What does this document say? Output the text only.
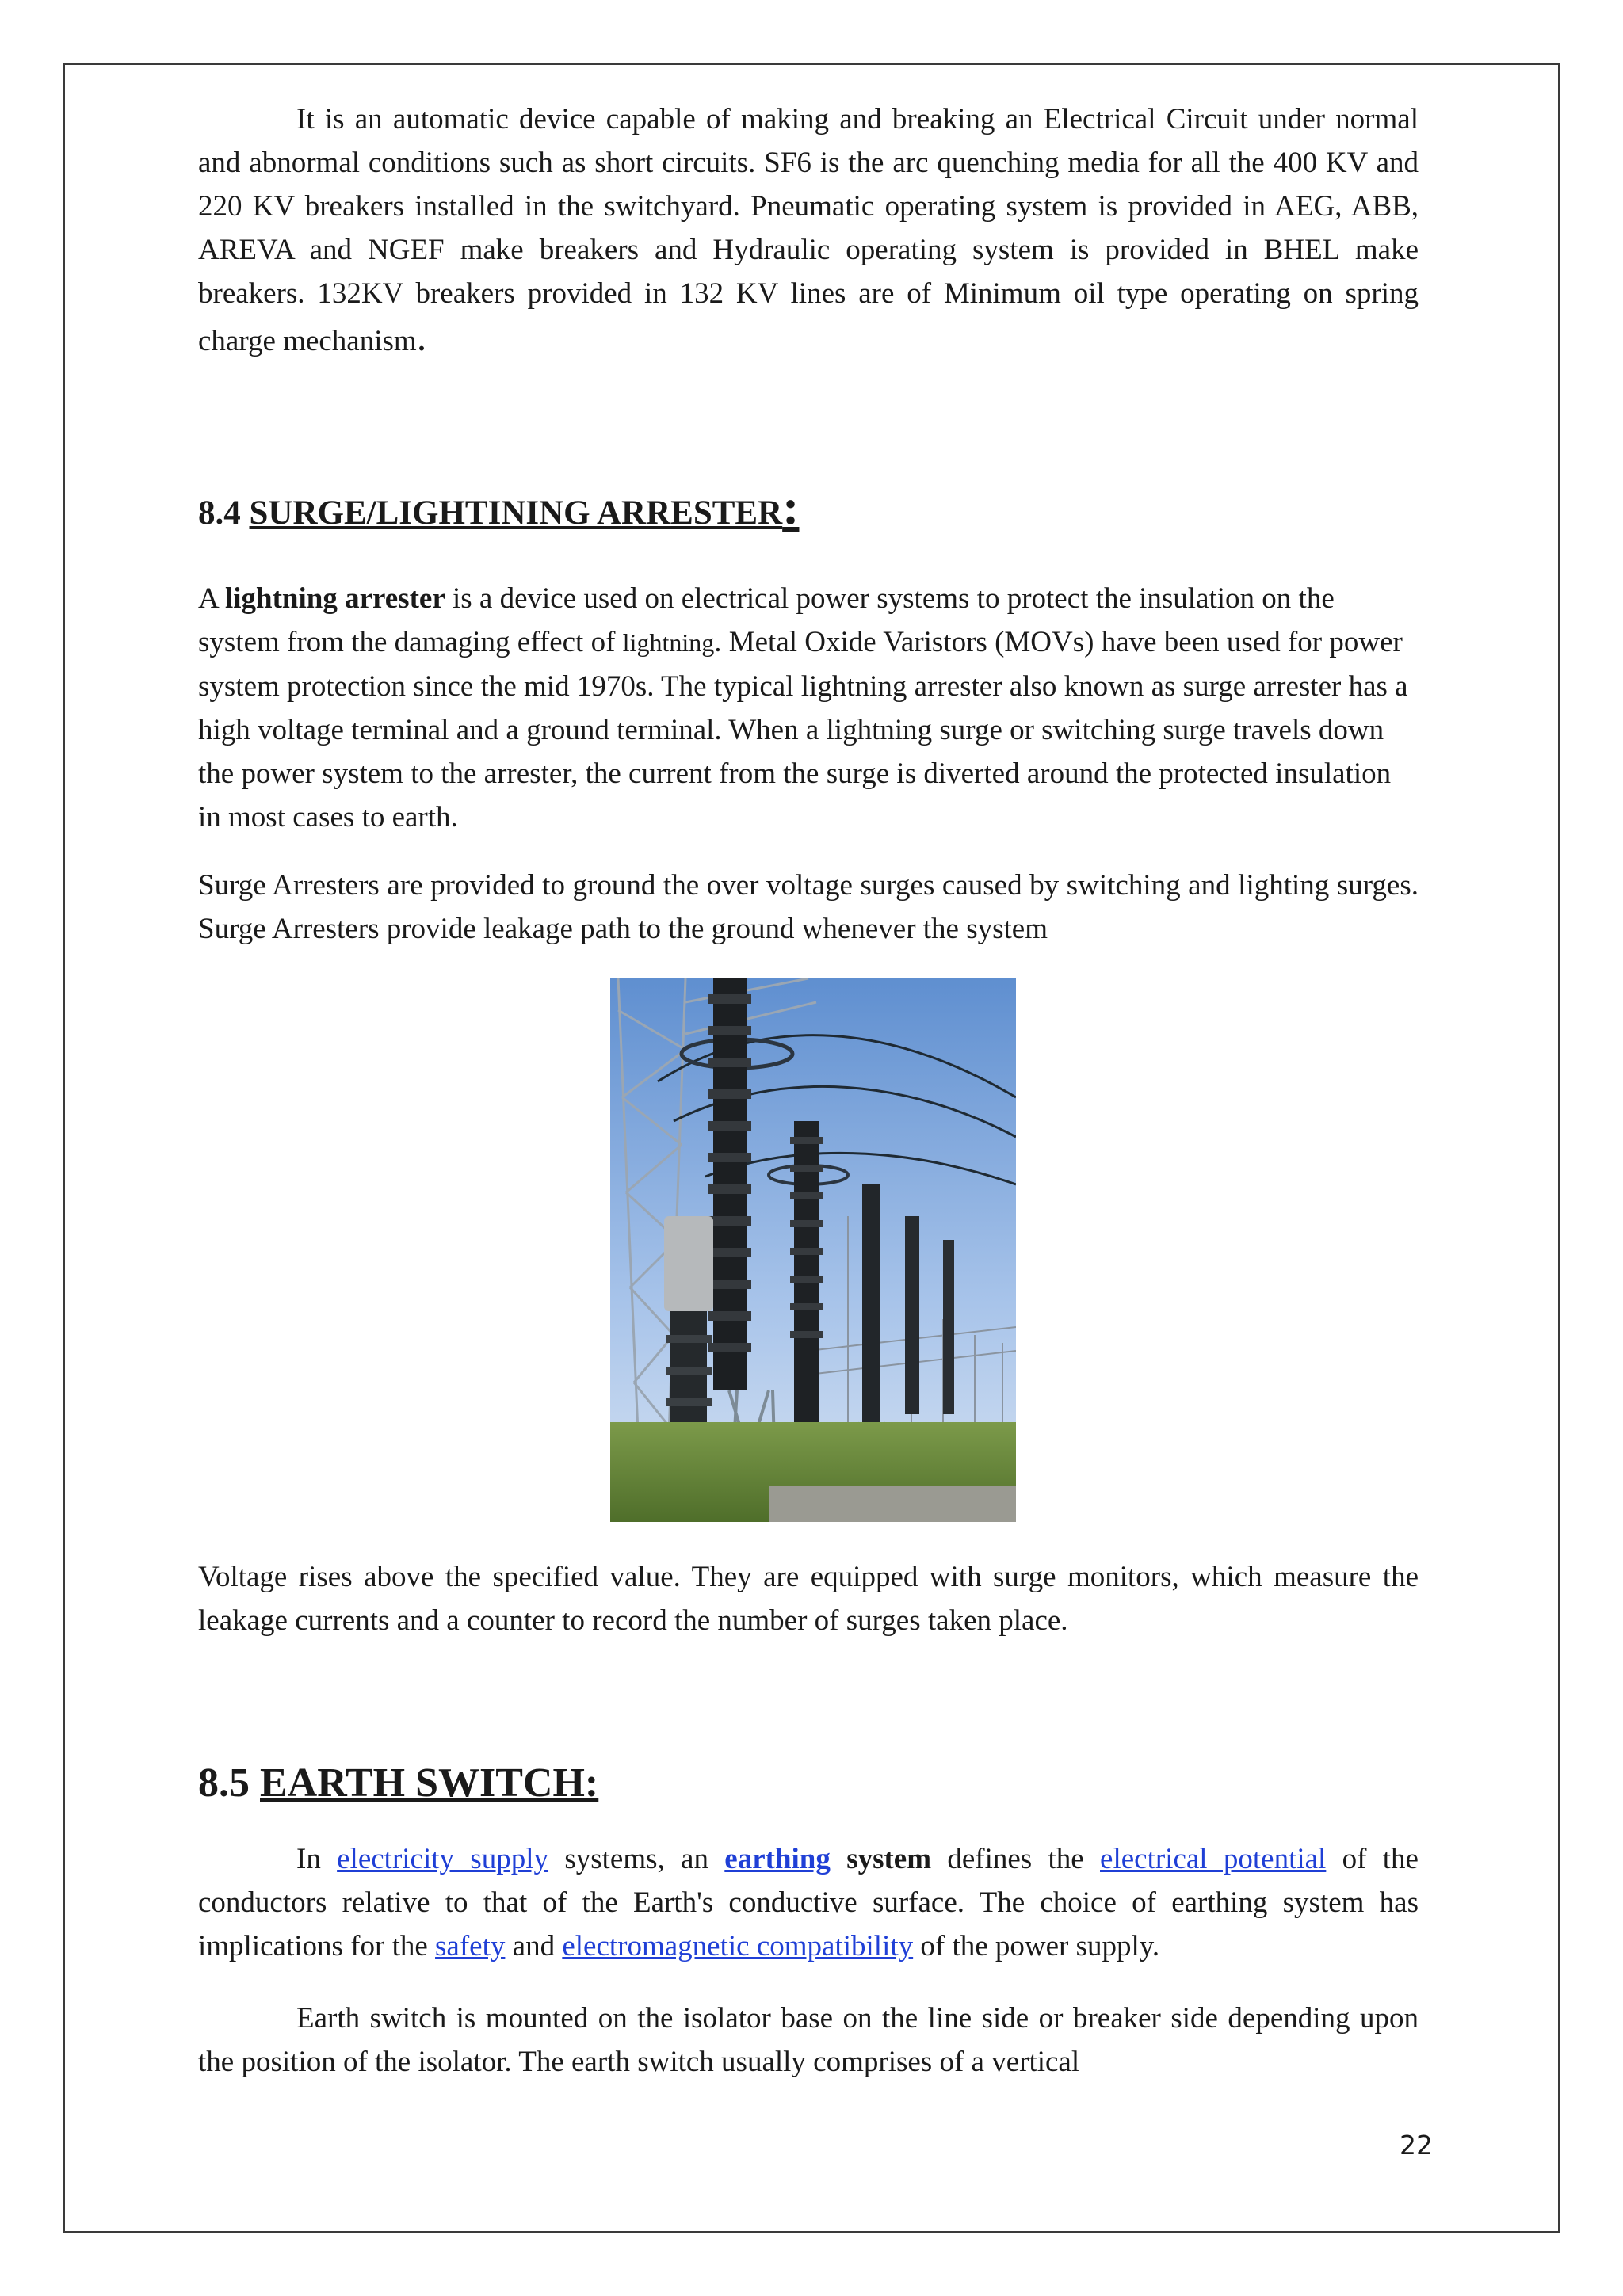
It is an automatic device capable of making and breaking an Electrical Circuit under normal and abnormal conditions such as short circuits. SF6 is the arc quenching media for all the 400 KV and 220 KV breakers installed in the switchyard. Pneumatic operating system is provided in AEG, ABB, AREVA and NGEF make breakers and Hydraulic operating system is provided in BHEL make breakers. 132KV breakers provided in 132 KV lines are of Minimum oil type operating on spring charge mechanism.

8.4 SURGE/LIGHTINING ARRESTER:

A lightning arrester is a device used on electrical power systems to protect the insulation on the system from the damaging effect of lightning. Metal Oxide Varistors (MOVs) have been used for power system protection since the mid 1970s. The typical lightning arrester also known as surge arrester has a high voltage terminal and a ground terminal. When a lightning surge or switching surge travels down the power system to the arrester, the current from the surge is diverted around the protected insulation in most cases to earth.

Surge Arresters are provided to ground the over voltage surges caused by switching and lighting surges. Surge Arresters provide leakage path to the ground whenever the system

Voltage rises above the specified value. They are equipped with surge monitors, which measure the leakage currents and a counter to record the number of surges taken place.

8.5 EARTH SWITCH:

In electricity supply systems, an earthing system defines the electrical potential of the conductors relative to that of the Earth's conductive surface. The choice of earthing system has implications for the safety and electromagnetic compatibility of the power supply.

Earth switch is mounted on the isolator base on the line side or breaker side depending upon the position of the isolator. The earth switch usually comprises of a vertical

22
